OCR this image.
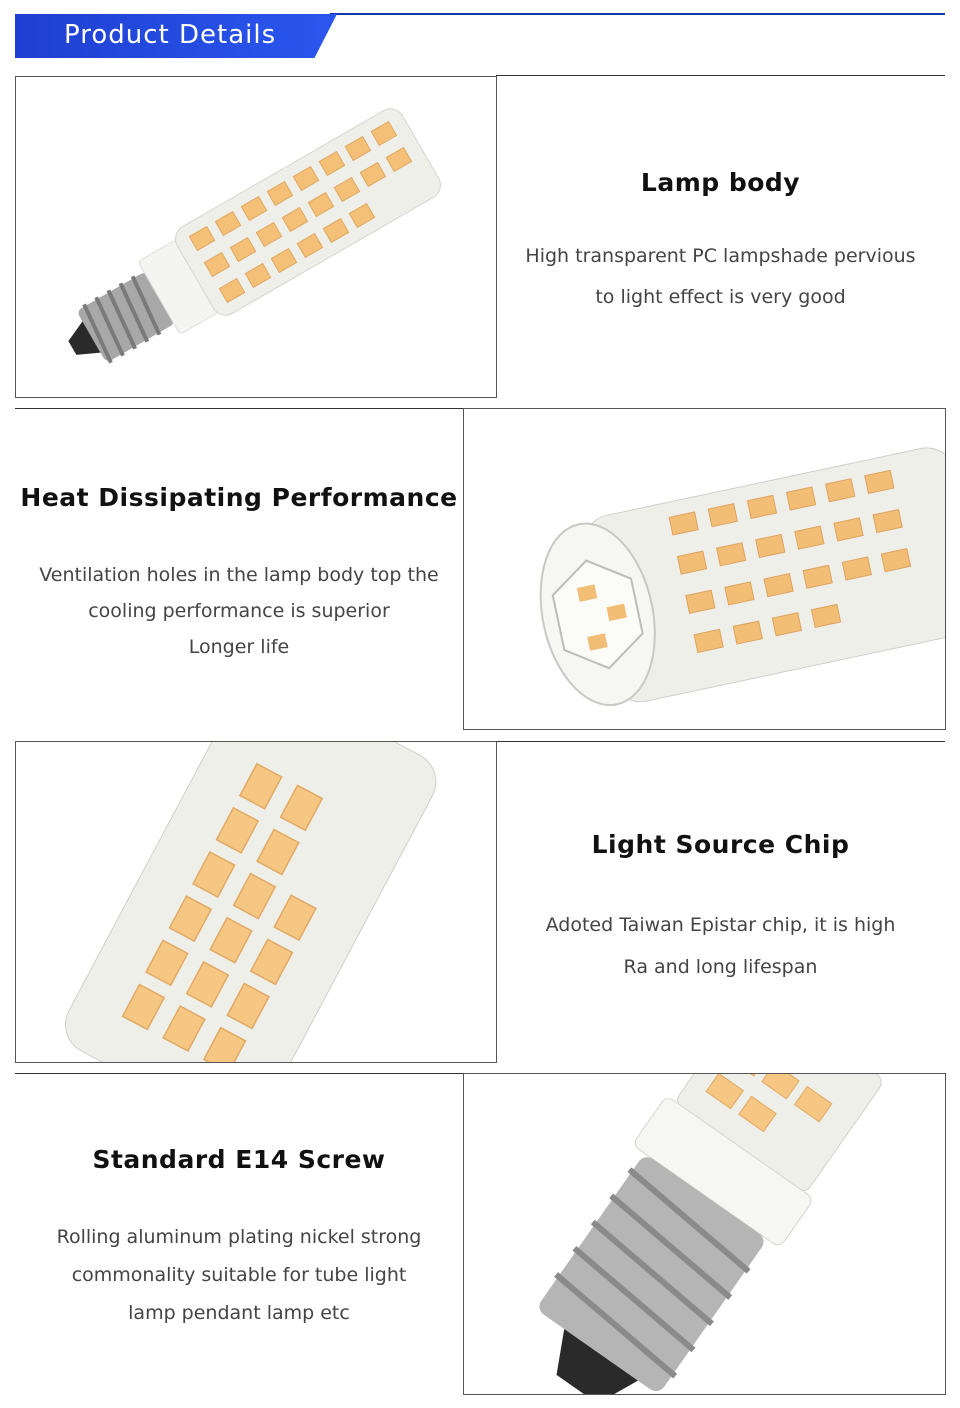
Product Details
Lamp body
High transparent PC lampshade pervious
to light effect is very good
Heat Dissipating Performance
Ventilation holes in the lamp body top the
cooling performance is superior
Longer life
Light Source Chip
Adoted Taiwan Epistar chip, it is high
Ra and long lifespan
Standard E14 Screw
Rolling aluminum plating nickel strong
commonality suitable for tube light
lamp pendant lamp etc
